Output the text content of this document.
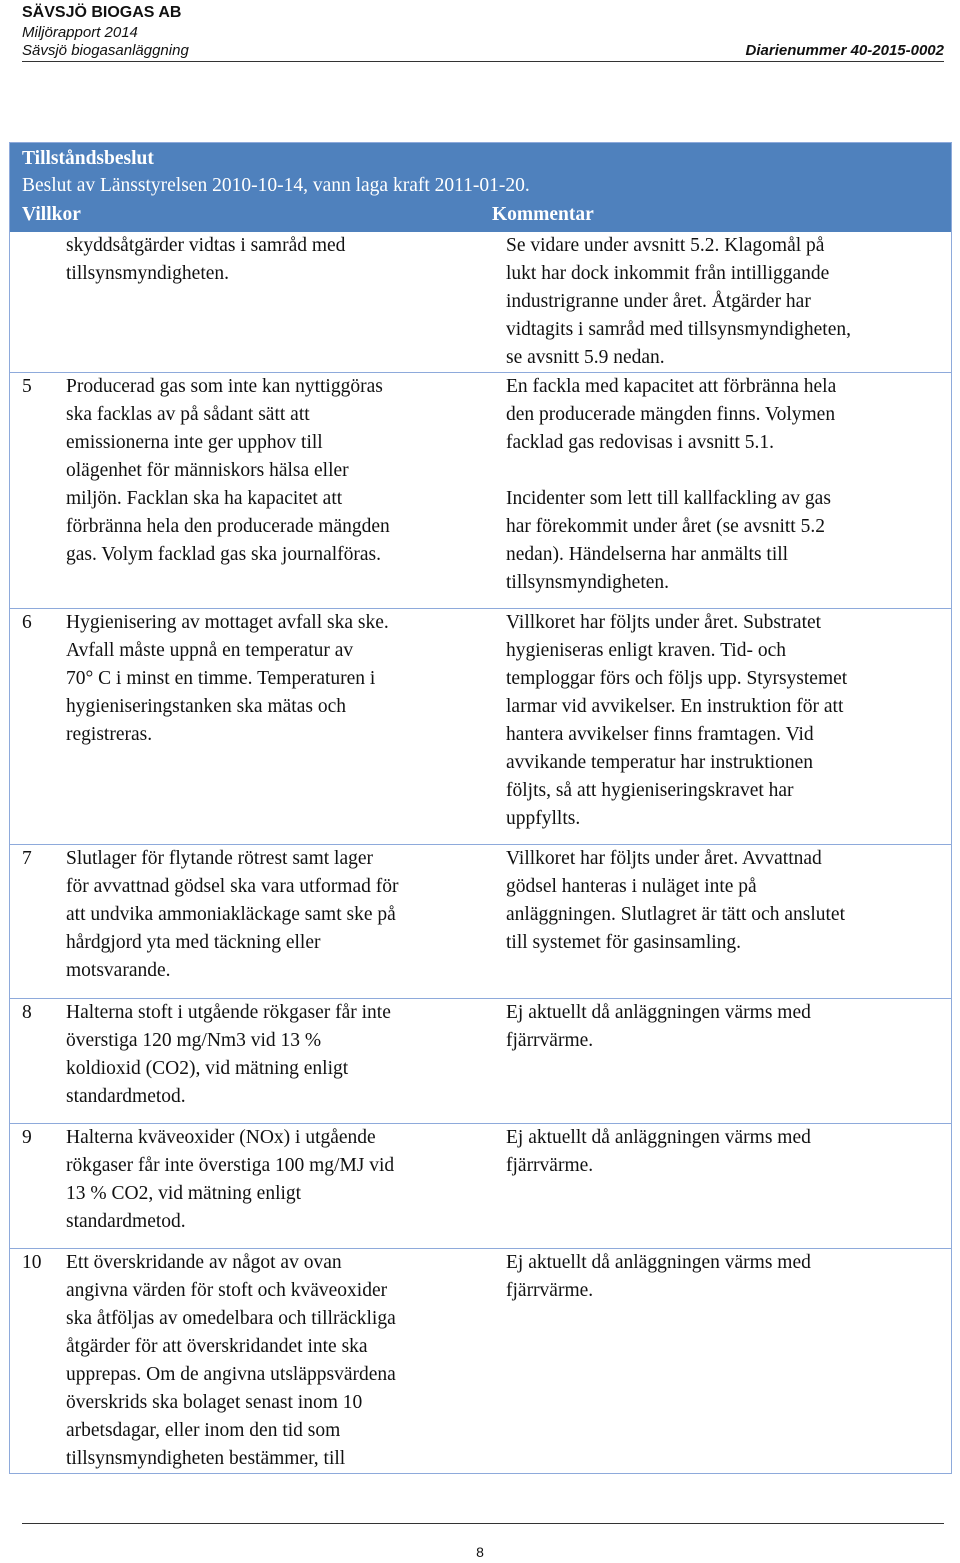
SÄVSJÖ BIOGAS AB
Miljörapport 2014
Sävsjö biogasanläggning	Diarienummer 40-2015-0002
Tillståndsbeslut
Beslut av Länsstyrelsen 2010-10-14, vann laga kraft 2011-01-20.
Villkor	Kommentar
skyddsåtgärder vidtas i samråd med
tillsynsmyndigheten.
Se vidare under avsnitt 5.2. Klagomål på
lukt har dock inkommit från intilliggande
industrigranne under året. Åtgärder har
vidtagits i samråd med tillsynsmyndigheten,
se avsnitt 5.9 nedan.
5 Producerad gas som inte kan nyttiggöras
ska facklas av på sådant sätt att
emissionerna inte ger upphov till
olägenhet för människors hälsa eller
miljön. Facklan ska ha kapacitet att
förbränna hela den producerade mängden
gas. Volym facklad gas ska journalföras.
En fackla med kapacitet att förbränna hela
den producerade mängden finns. Volymen
facklad gas redovisas i avsnitt 5.1.
Incidenter som lett till kallfackling av gas
har förekommit under året (se avsnitt 5.2
nedan). Händelserna har anmälts till
tillsynsmyndigheten.
6 Hygienisering av mottaget avfall ska ske.
Avfall måste uppnå en temperatur av
70° C i minst en timme. Temperaturen i
hygieniseringstanken ska mätas och
registreras.
Villkoret har följts under året. Substratet
hygieniseras enligt kraven. Tid- och
temploggar förs och följs upp. Styrsystemet
larmar vid avvikelser. En instruktion för att
hantera avvikelser finns framtagen. Vid
avvikande temperatur har instruktionen
följts, så att hygieniseringskravet har
uppfyllts.
7 Slutlager för flytande rötrest samt lager
för avvattnad gödsel ska vara utformad för
att undvika ammoniakläckage samt ske på
hårdgjord yta med täckning eller
motsvarande.
Villkoret har följts under året. Avvattnad
gödsel hanteras i nuläget inte på
anläggningen. Slutlagret är tätt och anslutet
till systemet för gasinsamling.
8 Halterna stoft i utgående rökgaser får inte
överstiga 120 mg/Nm3 vid 13 %
koldioxid (CO2), vid mätning enligt
standardmetod.
Ej aktuellt då anläggningen värms med
fjärrvärme.
9 Halterna kväveoxider (NOx) i utgående
rökgaser får inte överstiga 100 mg/MJ vid
13 % CO2, vid mätning enligt
standardmetod.
Ej aktuellt då anläggningen värms med
fjärrvärme.
10 Ett överskridande av något av ovan
angivna värden för stoft och kväveoxider
ska åtföljas av omedelbara och tillräckliga
åtgärder för att överskridandet inte ska
upprepas. Om de angivna utsläppsvärdena
överskrids ska bolaget senast inom 10
arbetsdagar, eller inom den tid som
tillsynsmyndigheten bestämmer, till
Ej aktuellt då anläggningen värms med
fjärrvärme.
8
